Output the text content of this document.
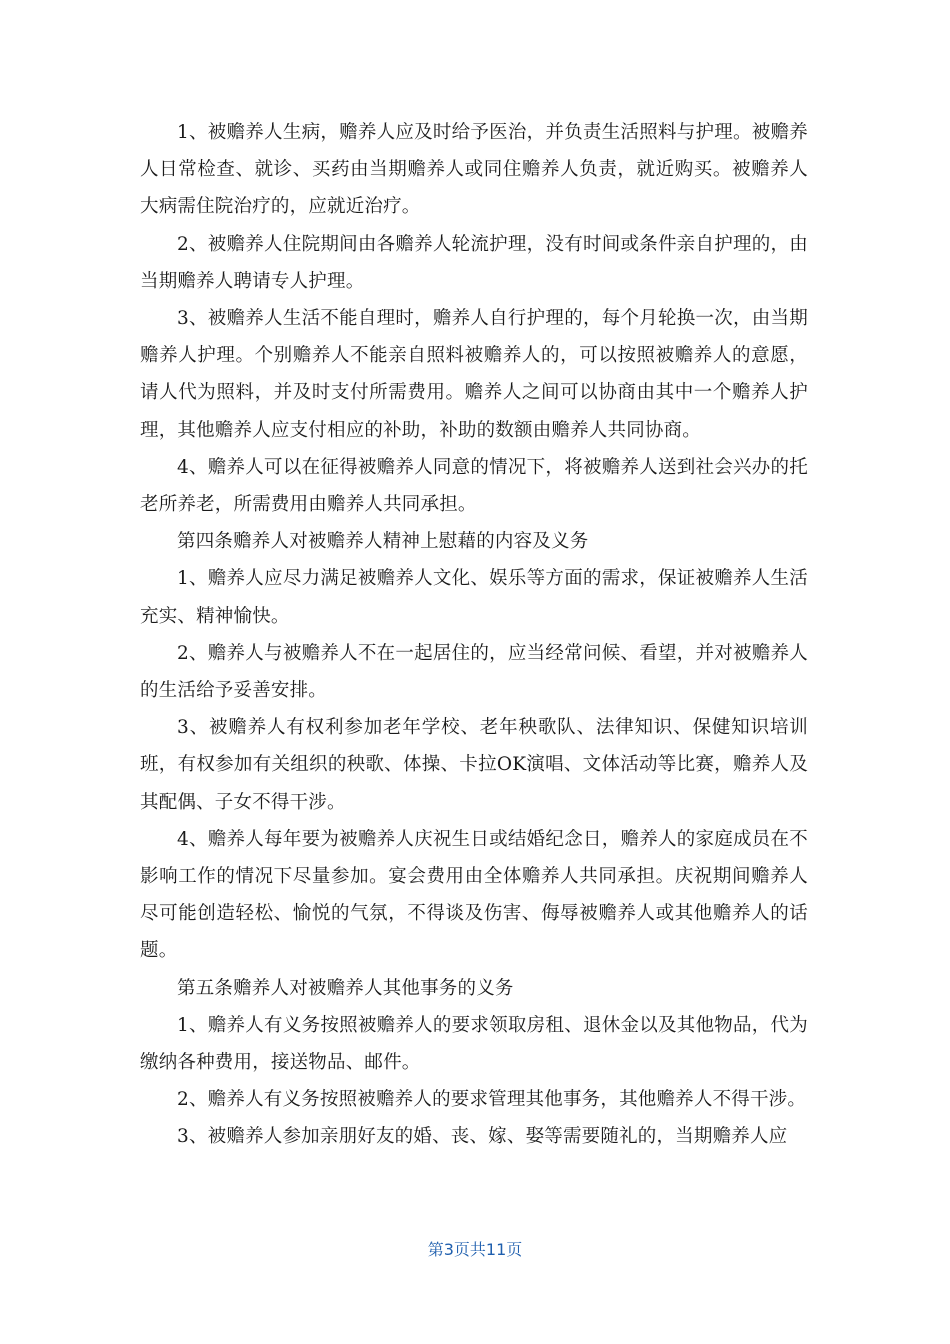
1、被赡养人生病，赡养人应及时给予医治，并负责生活照料与护理。被赡养人日常检查、就诊、买药由当期赡养人或同住赡养人负责，就近购买。被赡养人大病需住院治疗的，应就近治疗。

2、被赡养人住院期间由各赡养人轮流护理，没有时间或条件亲自护理的，由当期赡养人聘请专人护理。

3、被赡养人生活不能自理时，赡养人自行护理的，每个月轮换一次，由当期赡养人护理。个别赡养人不能亲自照料被赡养人的，可以按照被赡养人的意愿，请人代为照料，并及时支付所需费用。赡养人之间可以协商由其中一个赡养人护理，其他赡养人应支付相应的补助，补助的数额由赡养人共同协商。

4、赡养人可以在征得被赡养人同意的情况下，将被赡养人送到社会兴办的托老所养老，所需费用由赡养人共同承担。

第四条赡养人对被赡养人精神上慰藉的内容及义务

1、赡养人应尽力满足被赡养人文化、娱乐等方面的需求，保证被赡养人生活充实、精神愉快。

2、赡养人与被赡养人不在一起居住的，应当经常问候、看望，并对被赡养人的生活给予妥善安排。

3、被赡养人有权利参加老年学校、老年秧歌队、法律知识、保健知识培训班，有权参加有关组织的秧歌、体操、卡拉OK演唱、文体活动等比赛，赡养人及其配偶、子女不得干涉。

4、赡养人每年要为被赡养人庆祝生日或结婚纪念日，赡养人的家庭成员在不影响工作的情况下尽量参加。宴会费用由全体赡养人共同承担。庆祝期间赡养人尽可能创造轻松、愉悦的气氛，不得谈及伤害、侮辱被赡养人或其他赡养人的话题。

第五条赡养人对被赡养人其他事务的义务

1、赡养人有义务按照被赡养人的要求领取房租、退休金以及其他物品，代为缴纳各种费用，接送物品、邮件。

2、赡养人有义务按照被赡养人的要求管理其他事务，其他赡养人不得干涉。

3、被赡养人参加亲朋好友的婚、丧、嫁、娶等需要随礼的，当期赡养人应

第3页共11页
